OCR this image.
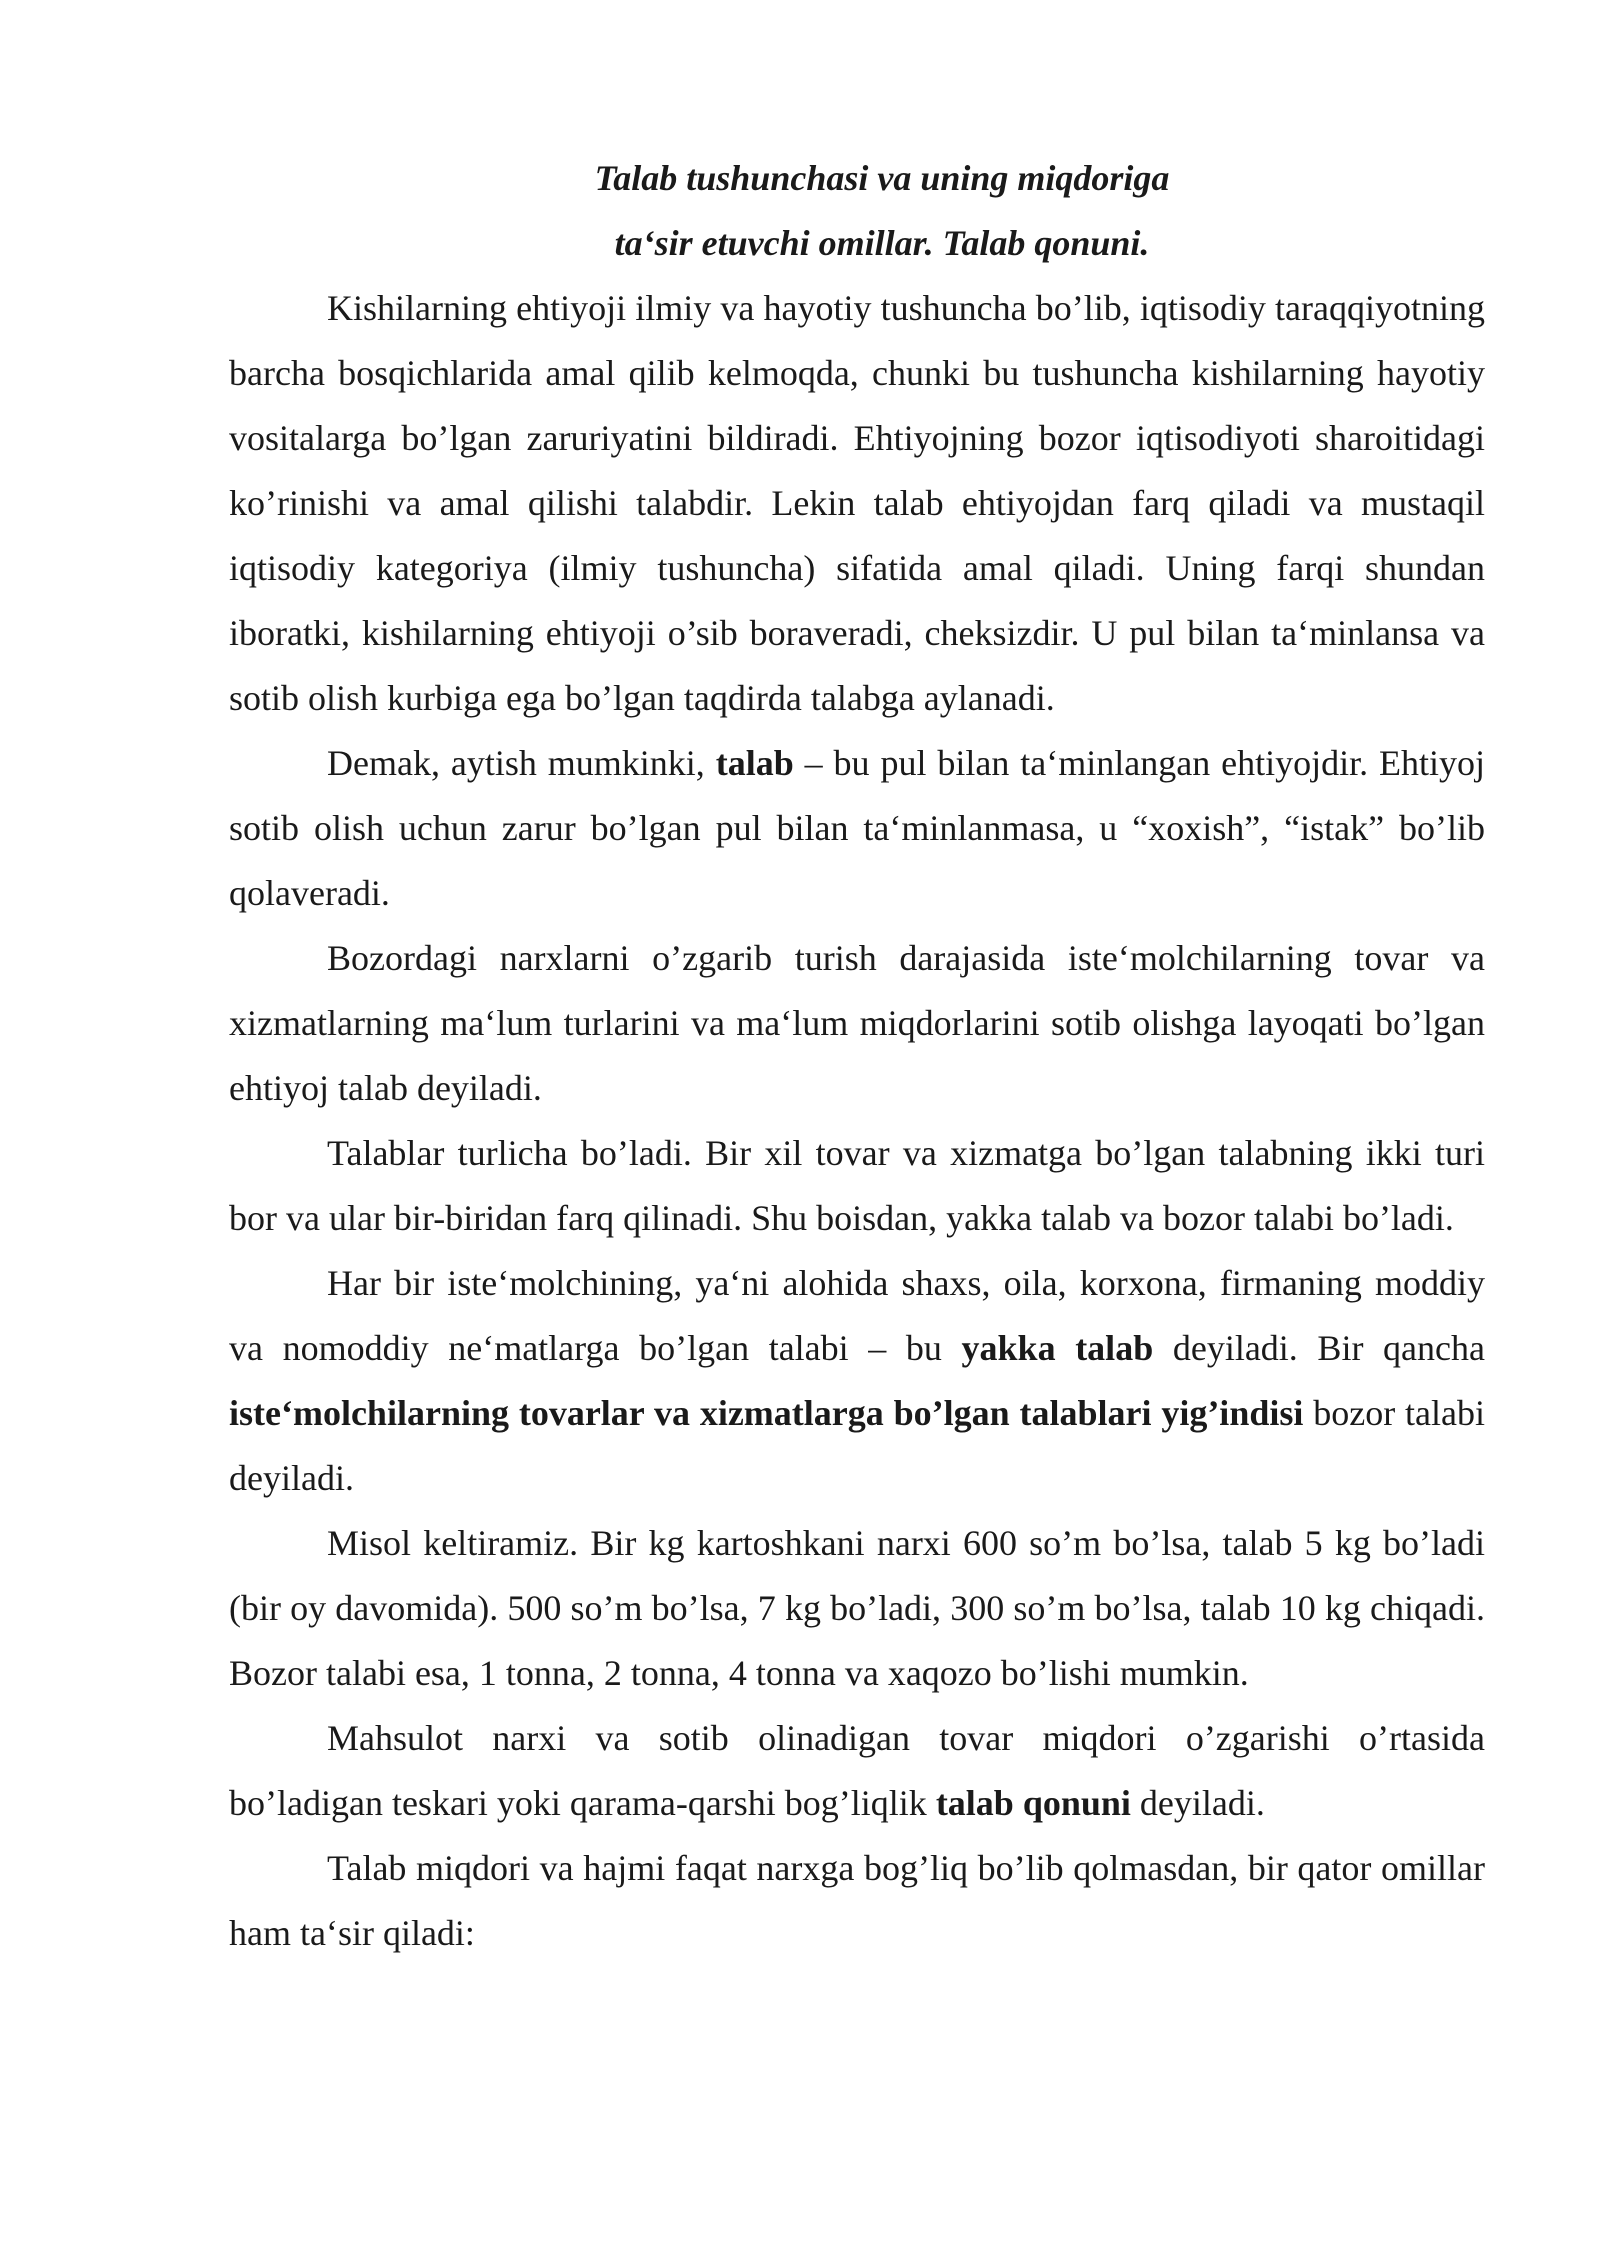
Talab tushunchasi va uning miqdoriga

ta‘sir etuvchi omillar. Talab qonuni.

Kishilarning ehtiyoji ilmiy va hayotiy tushuncha bo’lib, iqtisodiy taraqqiyotning barcha bosqichlarida amal qilib kelmoqda, chunki bu tushuncha kishilarning hayotiy vositalarga bo’lgan zaruriyatini bildiradi. Ehtiyojning bozor iqtisodiyoti sharoitidagi ko’rinishi va amal qilishi talabdir. Lekin talab ehtiyojdan farq qiladi va mustaqil iqtisodiy kategoriya (ilmiy tushuncha) sifatida amal qiladi. Uning farqi shundan iboratki, kishilarning ehtiyoji o’sib boraveradi, cheksizdir. U pul bilan ta‘minlansa va sotib olish kurbiga ega bo’lgan taqdirda talabga aylanadi.

Demak, aytish mumkinki, talab – bu pul bilan ta‘minlangan ehtiyojdir. Ehtiyoj sotib olish uchun zarur bo’lgan pul bilan ta‘minlanmasa, u “xoxish”, “istak” bo’lib qolaveradi.

Bozordagi narxlarni o’zgarib turish darajasida iste‘molchilarning tovar va xizmatlarning ma‘lum turlarini va ma‘lum miqdorlarini sotib olishga layoqati bo’lgan ehtiyoj talab deyiladi.

Talablar turlicha bo’ladi. Bir xil tovar va xizmatga bo’lgan talabning ikki turi bor va ular bir-biridan farq qilinadi. Shu boisdan, yakka talab va bozor talabi bo’ladi.

Har bir iste‘molchining, ya‘ni alohida shaxs, oila, korxona, firmaning moddiy va nomoddiy ne‘matlarga bo’lgan talabi – bu yakka talab deyiladi. Bir qancha iste‘molchilarning tovarlar va xizmatlarga bo’lgan talablari yig’indisi bozor talabi deyiladi.

Misol keltiramiz. Bir kg kartoshkani narxi 600 so’m bo’lsa, talab 5 kg bo’ladi (bir oy davomida). 500 so’m bo’lsa, 7 kg bo’ladi, 300 so’m bo’lsa, talab 10 kg chiqadi. Bozor talabi esa, 1 tonna, 2 tonna, 4 tonna va xaqozo bo’lishi mumkin.

Mahsulot narxi va sotib olinadigan tovar miqdori o’zgarishi o’rtasida bo’ladigan teskari yoki qarama-qarshi bog’liqlik talab qonuni deyiladi.

Talab miqdori va hajmi faqat narxga bog’liq bo’lib qolmasdan, bir qator omillar ham ta‘sir qiladi:
